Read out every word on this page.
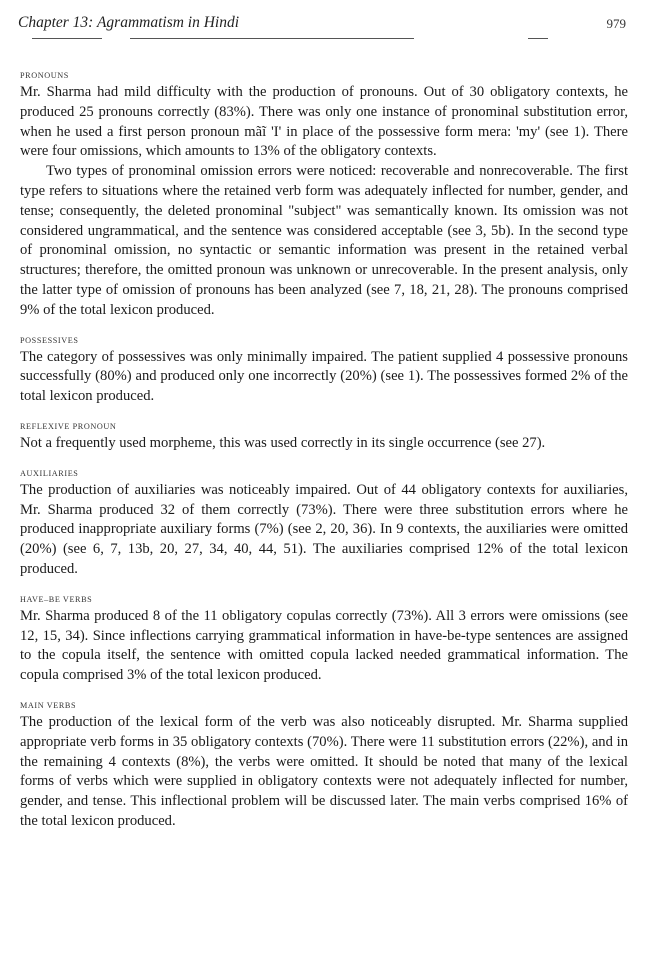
Chapter 13: Agrammatism in Hindi	979
PRONOUNS

Mr. Sharma had mild difficulty with the production of pronouns. Out of 30 obligatory contexts, he produced 25 pronouns correctly (83%). There was only one instance of pronominal substitution error, when he used a first person pronoun mãĩ 'I' in place of the possessive form mera: 'my' (see 1). There were four omissions, which amounts to 13% of the obligatory contexts.

Two types of pronominal omission errors were noticed: recoverable and nonrecoverable. The first type refers to situations where the retained verb form was adequately inflected for number, gender, and tense; consequently, the deleted pronominal "subject" was semantically known. Its omission was not considered ungrammatical, and the sentence was considered acceptable (see 3, 5b). In the second type of pronominal omission, no syntactic or semantic information was present in the retained verbal structures; therefore, the omitted pronoun was unknown or unrecoverable. In the present analysis, only the latter type of omission of pronouns has been analyzed (see 7, 18, 21, 28). The pronouns comprised 9% of the total lexicon produced.

POSSESSIVES

The category of possessives was only minimally impaired. The patient supplied 4 possessive pronouns successfully (80%) and produced only one incorrectly (20%) (see 1). The possessives formed 2% of the total lexicon produced.

REFLEXIVE PRONOUN

Not a frequently used morpheme, this was used correctly in its single occurrence (see 27).

AUXILIARIES

The production of auxiliaries was noticeably impaired. Out of 44 obligatory contexts for auxiliaries, Mr. Sharma produced 32 of them correctly (73%). There were three substitution errors where he produced inappropriate auxiliary forms (7%) (see 2, 20, 36). In 9 contexts, the auxiliaries were omitted (20%) (see 6, 7, 13b, 20, 27, 34, 40, 44, 51). The auxiliaries comprised 12% of the total lexicon produced.

HAVE–BE VERBS

Mr. Sharma produced 8 of the 11 obligatory copulas correctly (73%). All 3 errors were omissions (see 12, 15, 34). Since inflections carrying grammatical information in have-be-type sentences are assigned to the copula itself, the sentence with omitted copula lacked needed grammatical information. The copula comprised 3% of the total lexicon produced.

MAIN VERBS

The production of the lexical form of the verb was also noticeably disrupted. Mr. Sharma supplied appropriate verb forms in 35 obligatory contexts (70%). There were 11 substitution errors (22%), and in the remaining 4 contexts (8%), the verbs were omitted. It should be noted that many of the lexical forms of verbs which were supplied in obligatory contexts were not adequately inflected for number, gender, and tense. This inflectional problem will be discussed later. The main verbs comprised 16% of the total lexicon produced.
